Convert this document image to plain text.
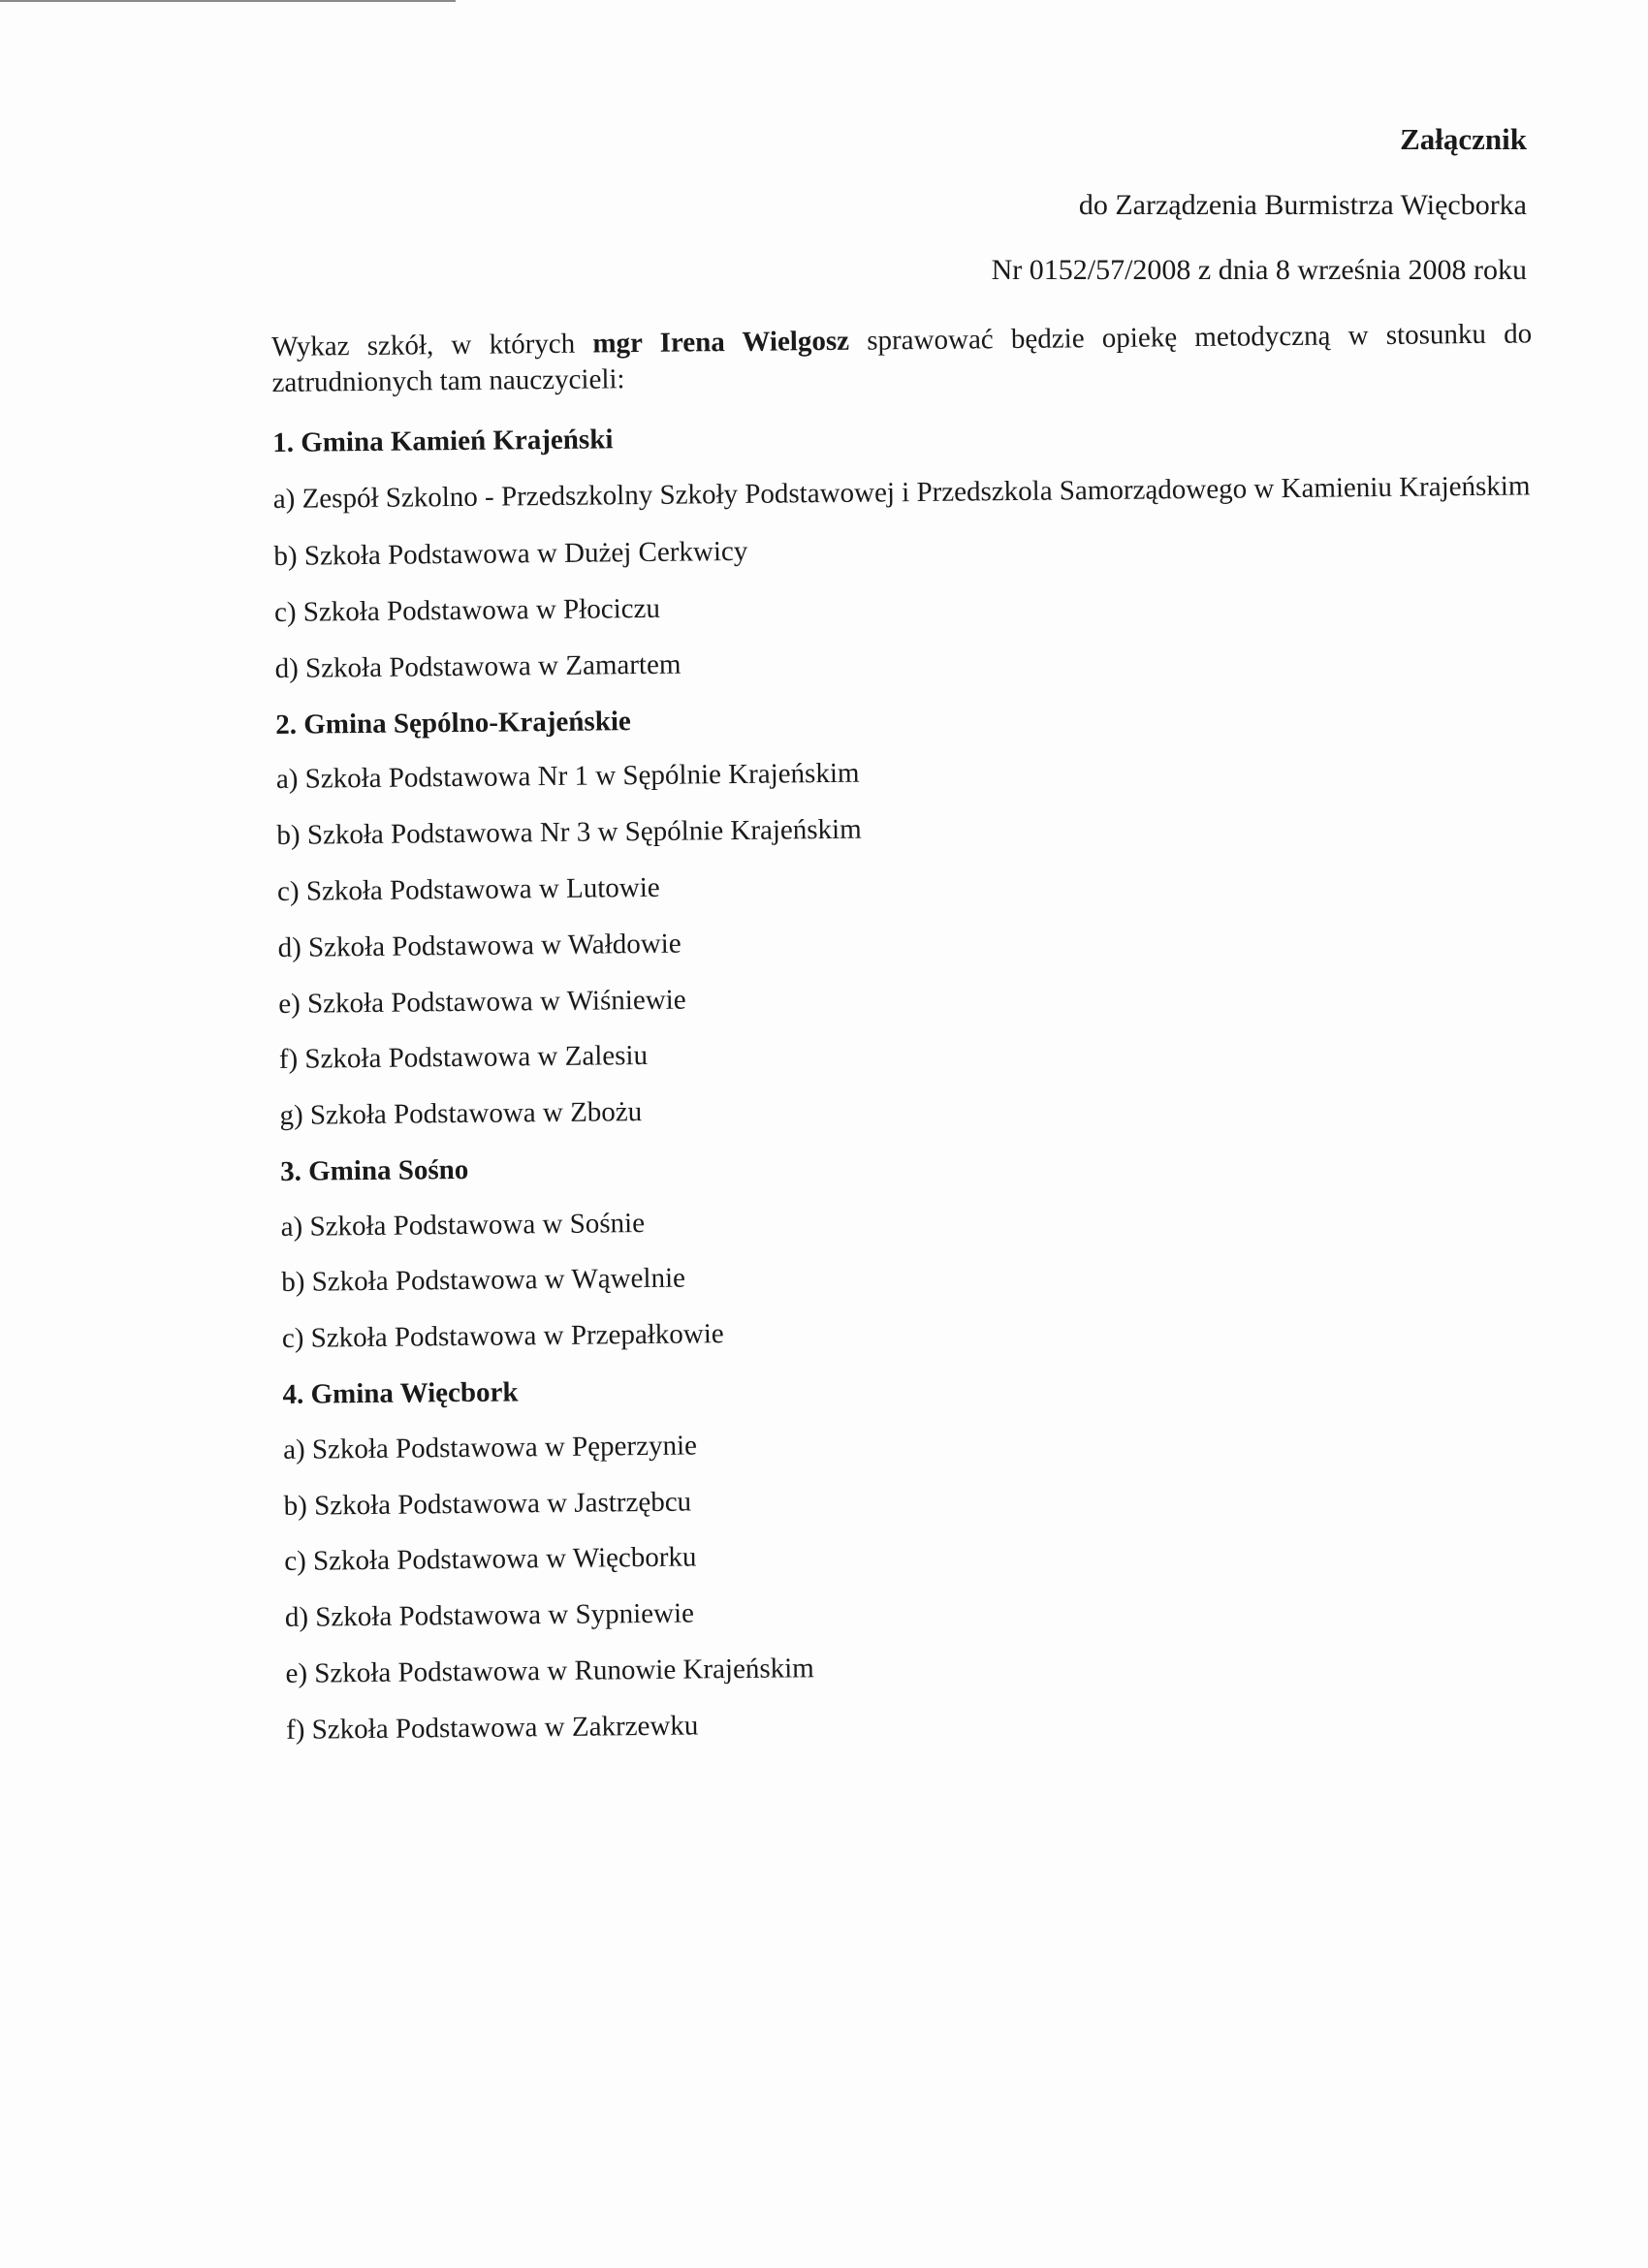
Załącznik
do Zarządzenia Burmistrza Więcborka
Nr 0152/57/2008 z dnia 8 września 2008 roku

Wykaz szkół, w których mgr Irena Wielgosz sprawować będzie opiekę metodyczną w stosunku do zatrudnionych tam nauczycieli:

1. Gmina Kamień Krajeński
a) Zespół Szkolno - Przedszkolny Szkoły Podstawowej i Przedszkola Samorządowego w Kamieniu Krajeńskim
b) Szkoła Podstawowa w Dużej Cerkwicy
c) Szkoła Podstawowa w Płociczu
d) Szkoła Podstawowa w Zamartem
2. Gmina Sępólno-Krajeńskie
a) Szkoła Podstawowa Nr 1 w Sępólnie Krajeńskim
b) Szkoła Podstawowa Nr 3 w Sępólnie Krajeńskim
c) Szkoła Podstawowa w Lutowie
d) Szkoła Podstawowa w Wałdowie
e) Szkoła Podstawowa w Wiśniewie
f) Szkoła Podstawowa w Zalesiu
g) Szkoła Podstawowa w Zbożu
3. Gmina Sośno
a) Szkoła Podstawowa w Sośnie
b) Szkoła Podstawowa w Wąwelnie
c) Szkoła Podstawowa w Przepałkowie
4. Gmina Więcbork
a) Szkoła Podstawowa w Pęperzynie
b) Szkoła Podstawowa w Jastrzębcu
c) Szkoła Podstawowa w Więcborku
d) Szkoła Podstawowa w Sypniewie
e) Szkoła Podstawowa w Runowie Krajeńskim
f) Szkoła Podstawowa w Zakrzewku
